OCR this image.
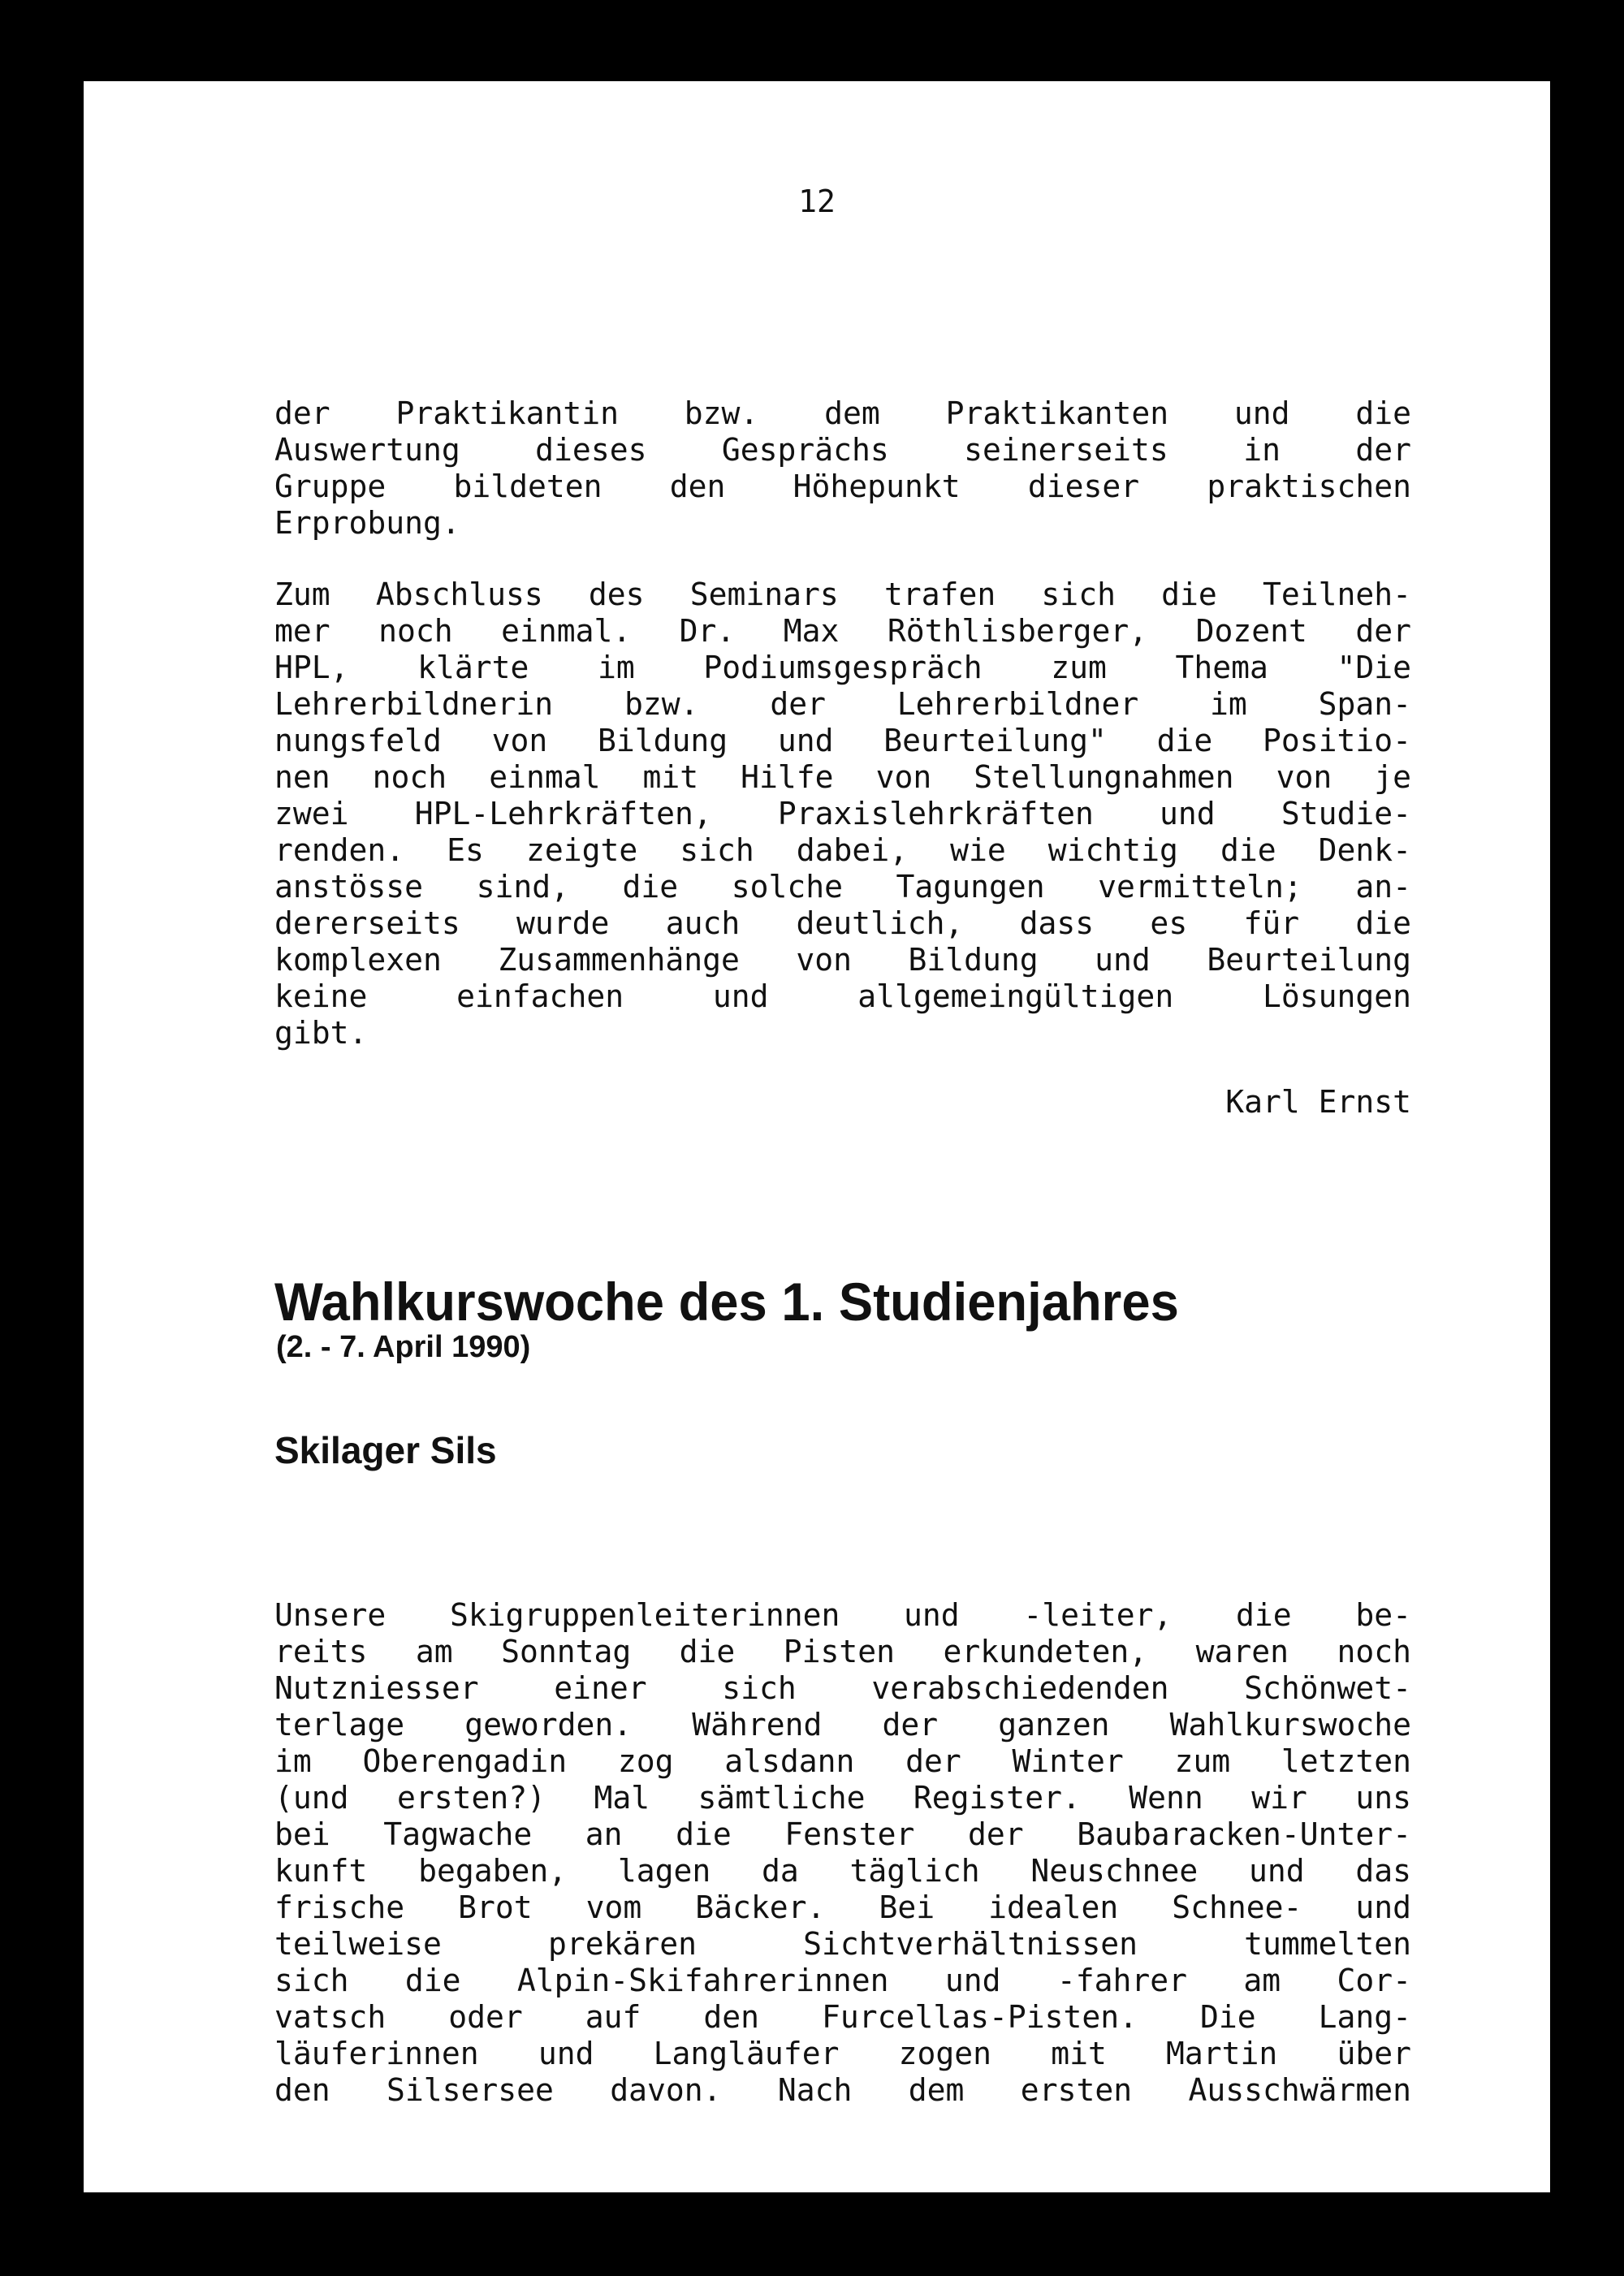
12
der Praktikantin bzw. dem Praktikanten und die
Auswertung dieses Gesprächs seinerseits in der
Gruppe bildeten den Höhepunkt dieser praktischen
Erprobung.
Zum Abschluss des Seminars trafen sich die Teilneh-
mer noch einmal. Dr. Max Röthlisberger, Dozent der
HPL, klärte im Podiumsgespräch zum Thema "Die
Lehrerbildnerin bzw. der Lehrerbildner im Span-
nungsfeld von Bildung und Beurteilung" die Positio-
nen noch einmal mit Hilfe von Stellungnahmen von je
zwei HPL-Lehrkräften, Praxislehrkräften und Studie-
renden. Es zeigte sich dabei, wie wichtig die Denk-
anstösse sind, die solche Tagungen vermitteln; an-
dererseits wurde auch deutlich, dass es für die
komplexen Zusammenhänge von Bildung und Beurteilung
keine einfachen und allgemeingültigen Lösungen
gibt.
Karl Ernst
Wahlkurswoche des 1. Studienjahres
(2. - 7. April 1990)
Skilager Sils
Unsere Skigruppenleiterinnen und -leiter, die be-
reits am Sonntag die Pisten erkundeten, waren noch
Nutzniesser einer sich verabschiedenden Schönwet-
terlage geworden. Während der ganzen Wahlkurswoche
im Oberengadin zog alsdann der Winter zum letzten
(und ersten?) Mal sämtliche Register. Wenn wir uns
bei Tagwache an die Fenster der Baubaracken-Unter-
kunft begaben, lagen da täglich Neuschnee und das
frische Brot vom Bäcker. Bei idealen Schnee- und
teilweise prekären Sichtverhältnissen tummelten
sich die Alpin-Skifahrerinnen und -fahrer am Cor-
vatsch oder auf den Furcellas-Pisten. Die Lang-
läuferinnen und Langläufer zogen mit Martin über
den Silsersee davon. Nach dem ersten Ausschwärmen
